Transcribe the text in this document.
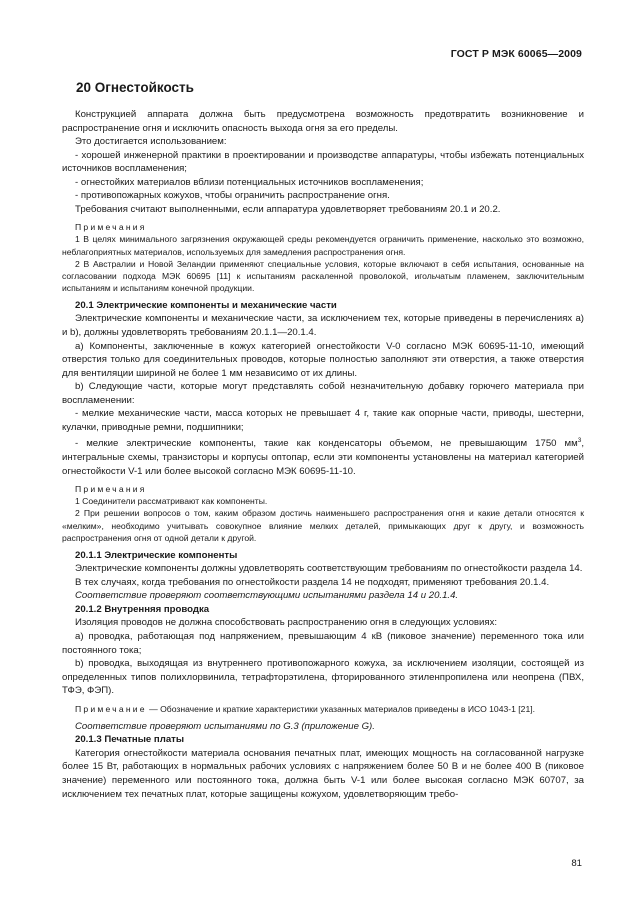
ГОСТ Р МЭК 60065—2009
20 Огнестойкость

Конструкцией аппарата должна быть предусмотрена возможность предотвратить возникновение и распространение огня и исключить опасность выхода огня за его пределы.

Это достигается использованием:

- хорошей инженерной практики в проектировании и производстве аппаратуры, чтобы избежать потенциальных источников воспламенения;

- огнестойких материалов вблизи потенциальных источников воспламенения;

- противопожарных кожухов, чтобы ограничить распространение огня.

Требования считают выполненными, если аппаратура удовлетворяет требованиям 20.1 и 20.2.

Примечания

1 В целях минимального загрязнения окружающей среды рекомендуется ограничить применение, насколько это возможно, неблагоприятных материалов, используемых для замедления распространения огня.

2 В Австралии и Новой Зеландии применяют специальные условия, которые включают в себя испытания, основанные на согласовании подхода МЭК 60695 [11] к испытаниям раскаленной проволокой, игольчатым пламенем, заключительным испытаниям и испытаниям конечной продукции.

20.1 Электрические компоненты и механические части

Электрические компоненты и механические части, за исключением тех, которые приведены в перечислениях a) и b), должны удовлетворять требованиям 20.1.1—20.1.4.

a) Компоненты, заключенные в кожух категорией огнестойкости V-0 согласно МЭК 60695-11-10, имеющий отверстия только для соединительных проводов, которые полностью заполняют эти отверстия, а также отверстия для вентиляции шириной не более 1 мм независимо от их длины.

b) Следующие части, которые могут представлять собой незначительную добавку горючего материала при воспламенении:

- мелкие механические части, масса которых не превышает 4 г, такие как опорные части, приводы, шестерни, кулачки, приводные ремни, подшипники;

- мелкие электрические компоненты, такие как конденсаторы объемом, не превышающим 1750 $мм^3$, интегральные схемы, транзисторы и корпусы оптопар, если эти компоненты установлены на материал категорией огнестойкости V-1 или более высокой согласно МЭК 60695-11-10.

Примечания

1 Соединители рассматривают как компоненты.

2 При решении вопросов о том, каким образом достичь наименьшего распространения огня и какие детали относятся к «мелким», необходимо учитывать совокупное влияние мелких деталей, примыкающих друг к другу, и возможность распространения огня от одной детали к другой.

20.1.1 Электрические компоненты

Электрические компоненты должны удовлетворять соответствующим требованиям по огнестойкости раздела 14.

В тех случаях, когда требования по огнестойкости раздела 14 не подходят, применяют требования 20.1.4.

Соответствие проверяют соответствующими испытаниями раздела 14 и 20.1.4.

20.1.2 Внутренняя проводка

Изоляция проводов не должна способствовать распространению огня в следующих условиях:

a) проводка, работающая под напряжением, превышающим 4 кВ (пиковое значение) переменного тока или постоянного тока;

b) проводка, выходящая из внутреннего противопожарного кожуха, за исключением изоляции, состоящей из определенных типов полихлорвинила, тетрафторэтилена, фторированного этиленпропилена или неопрена (ПВХ, ТФЭ, ФЭП).

Примечание — Обозначение и краткие характеристики указанных материалов приведены в ИСО 1043-1 [21].

Соответствие проверяют испытаниями по G.3 (приложение G).

20.1.3 Печатные платы

Категория огнестойкости материала основания печатных плат, имеющих мощность на согласованной нагрузке более 15 Вт, работающих в нормальных рабочих условиях с напряжением более 50 В и не более 400 В (пиковое значение) переменного или постоянного тока, должна быть V-1 или более высокая согласно МЭК 60707, за исключением тех печатных плат, которые защищены кожухом, удовлетворяющим требо-

81
